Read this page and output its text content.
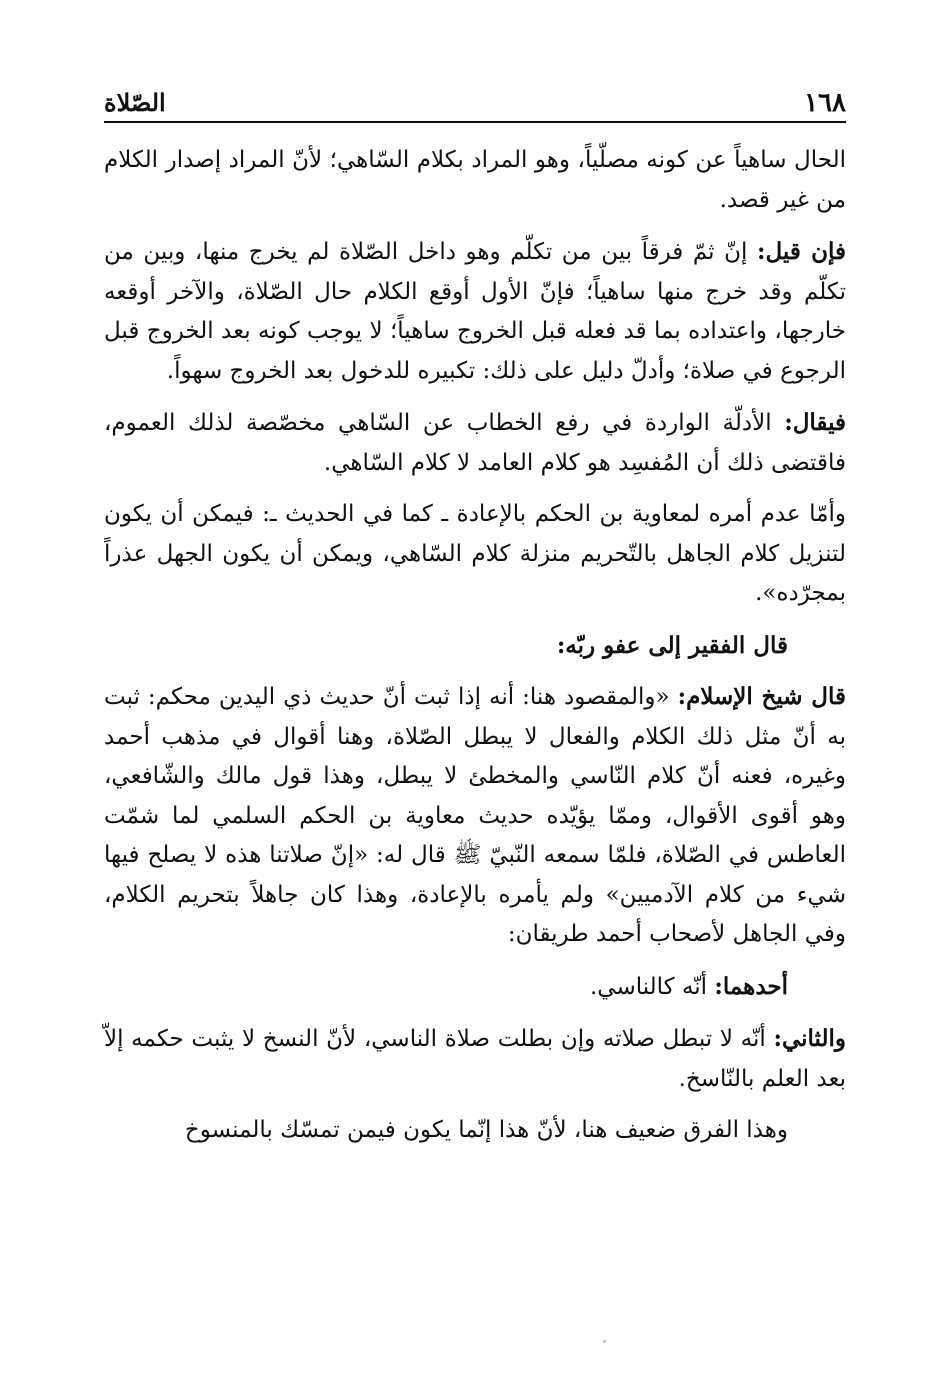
١٦٨
الصّلاة

الحال ساهياً عن كونه مصلّياً، وهو المراد بكلام السّاهي؛ لأنّ المراد إصدار الكلام من غير قصد.

فإن قيل: إنّ ثمّ فرقاً بين من تكلّم وهو داخل الصّلاة لم يخرج منها، وبين من تكلّم وقد خرج منها ساهياً؛ فإنّ الأول أوقع الكلام حال الصّلاة، والآخر أوقعه خارجها، واعتداده بما قد فعله قبل الخروج ساهياً؛ لا يوجب كونه بعد الخروج قبل الرجوع في صلاة؛ وأدلّ دليل على ذلك: تكبيره للدخول بعد الخروج سهواً.

فيقال: الأدلّة الواردة في رفع الخطاب عن السّاهي مخصّصة لذلك العموم، فاقتضى ذلك أن المُفسِد هو كلام العامد لا كلام السّاهي.

وأمّا عدم أمره لمعاوية بن الحكم بالإعادة ـ كما في الحديث ـ: فيمكن أن يكون لتنزيل كلام الجاهل بالتّحريم منزلة كلام السّاهي، ويمكن أن يكون الجهل عذراً بمجرّده».

قال الفقير إلى عفو ربّه:

قال شيخ الإسلام: «والمقصود هنا: أنه إذا ثبت أنّ حديث ذي اليدين محكم: ثبت به أنّ مثل ذلك الكلام والفعال لا يبطل الصّلاة، وهنا أقوال في مذهب أحمد وغيره، فعنه أنّ كلام النّاسي والمخطئ لا يبطل، وهذا قول مالك والشّافعي، وهو أقوى الأقوال، وممّا يؤيّده حديث معاوية بن الحكم السلمي لما شمّت العاطس في الصّلاة، فلمّا سمعه النّبيّ ﷺ قال له: «إنّ صلاتنا هذه لا يصلح فيها شيء من كلام الآدميين» ولم يأمره بالإعادة، وهذا كان جاهلاً بتحريم الكلام، وفي الجاهل لأصحاب أحمد طريقان:

أحدهما: أنّه كالناسي.

والثاني: أنّه لا تبطل صلاته وإن بطلت صلاة الناسي، لأنّ النسخ لا يثبت حكمه إلاّ بعد العلم بالنّاسخ.

وهذا الفرق ضعيف هنا، لأنّ هذا إنّما يكون فيمن تمسّك بالمنسوخ
